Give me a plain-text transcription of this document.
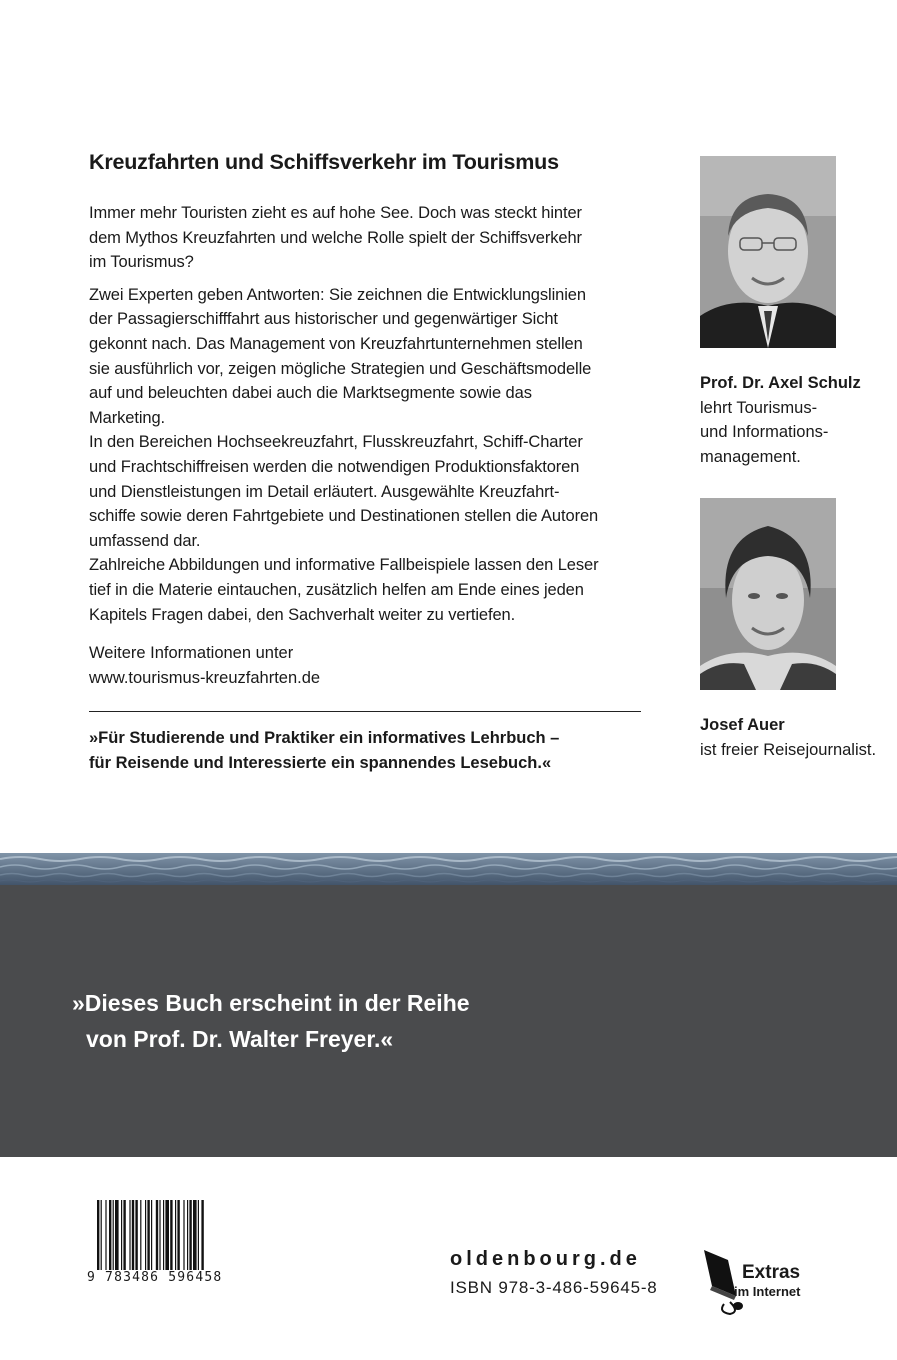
Kreuzfahrten und Schiffsverkehr im Tourismus

Immer mehr Touristen zieht es auf hohe See. Doch was steckt hinter
dem Mythos Kreuzfahrten und welche Rolle spielt der Schiffsverkehr
im Tourismus?

Zwei Experten geben Antworten: Sie zeichnen die Entwicklungslinien
der Passagierschifffahrt aus historischer und gegenwärtiger Sicht
gekonnt nach. Das Management von Kreuzfahrtunternehmen stellen
sie ausführlich vor, zeigen mögliche Strategien und Geschäftsmodelle
auf und beleuchten dabei auch die Marktsegmente sowie das
Marketing.

In den Bereichen Hochseekreuzfahrt, Flusskreuzfahrt, Schiff-Charter
und Frachtschiffreisen werden die notwendigen Produktionsfaktoren
und Dienstleistungen im Detail erläutert. Ausgewählte Kreuzfahrt-
schiffe sowie deren Fahrtgebiete und Destinationen stellen die Autoren
umfassend dar.

Zahlreiche Abbildungen und informative Fallbeispiele lassen den Leser
tief in die Materie eintauchen, zusätzlich helfen am Ende eines jeden
Kapitels Fragen dabei, den Sachverhalt weiter zu vertiefen.

Weitere Informationen unter
www.tourismus-kreuzfahrten.de
»Für Studierende und Praktiker ein informatives Lehrbuch –
für Reisende und Interessierte ein spannendes Lesebuch.«
Prof. Dr. Axel Schulz
lehrt Tourismus-
und Informations-
management.
Josef Auer
ist freier Reisejournalist.
»Dieses Buch erscheint in der Reihe
von Prof. Dr. Walter Freyer.«
9 783486 596458
oldenbourg.de
ISBN 978-3-486-59645-8
Extras
im Internet
